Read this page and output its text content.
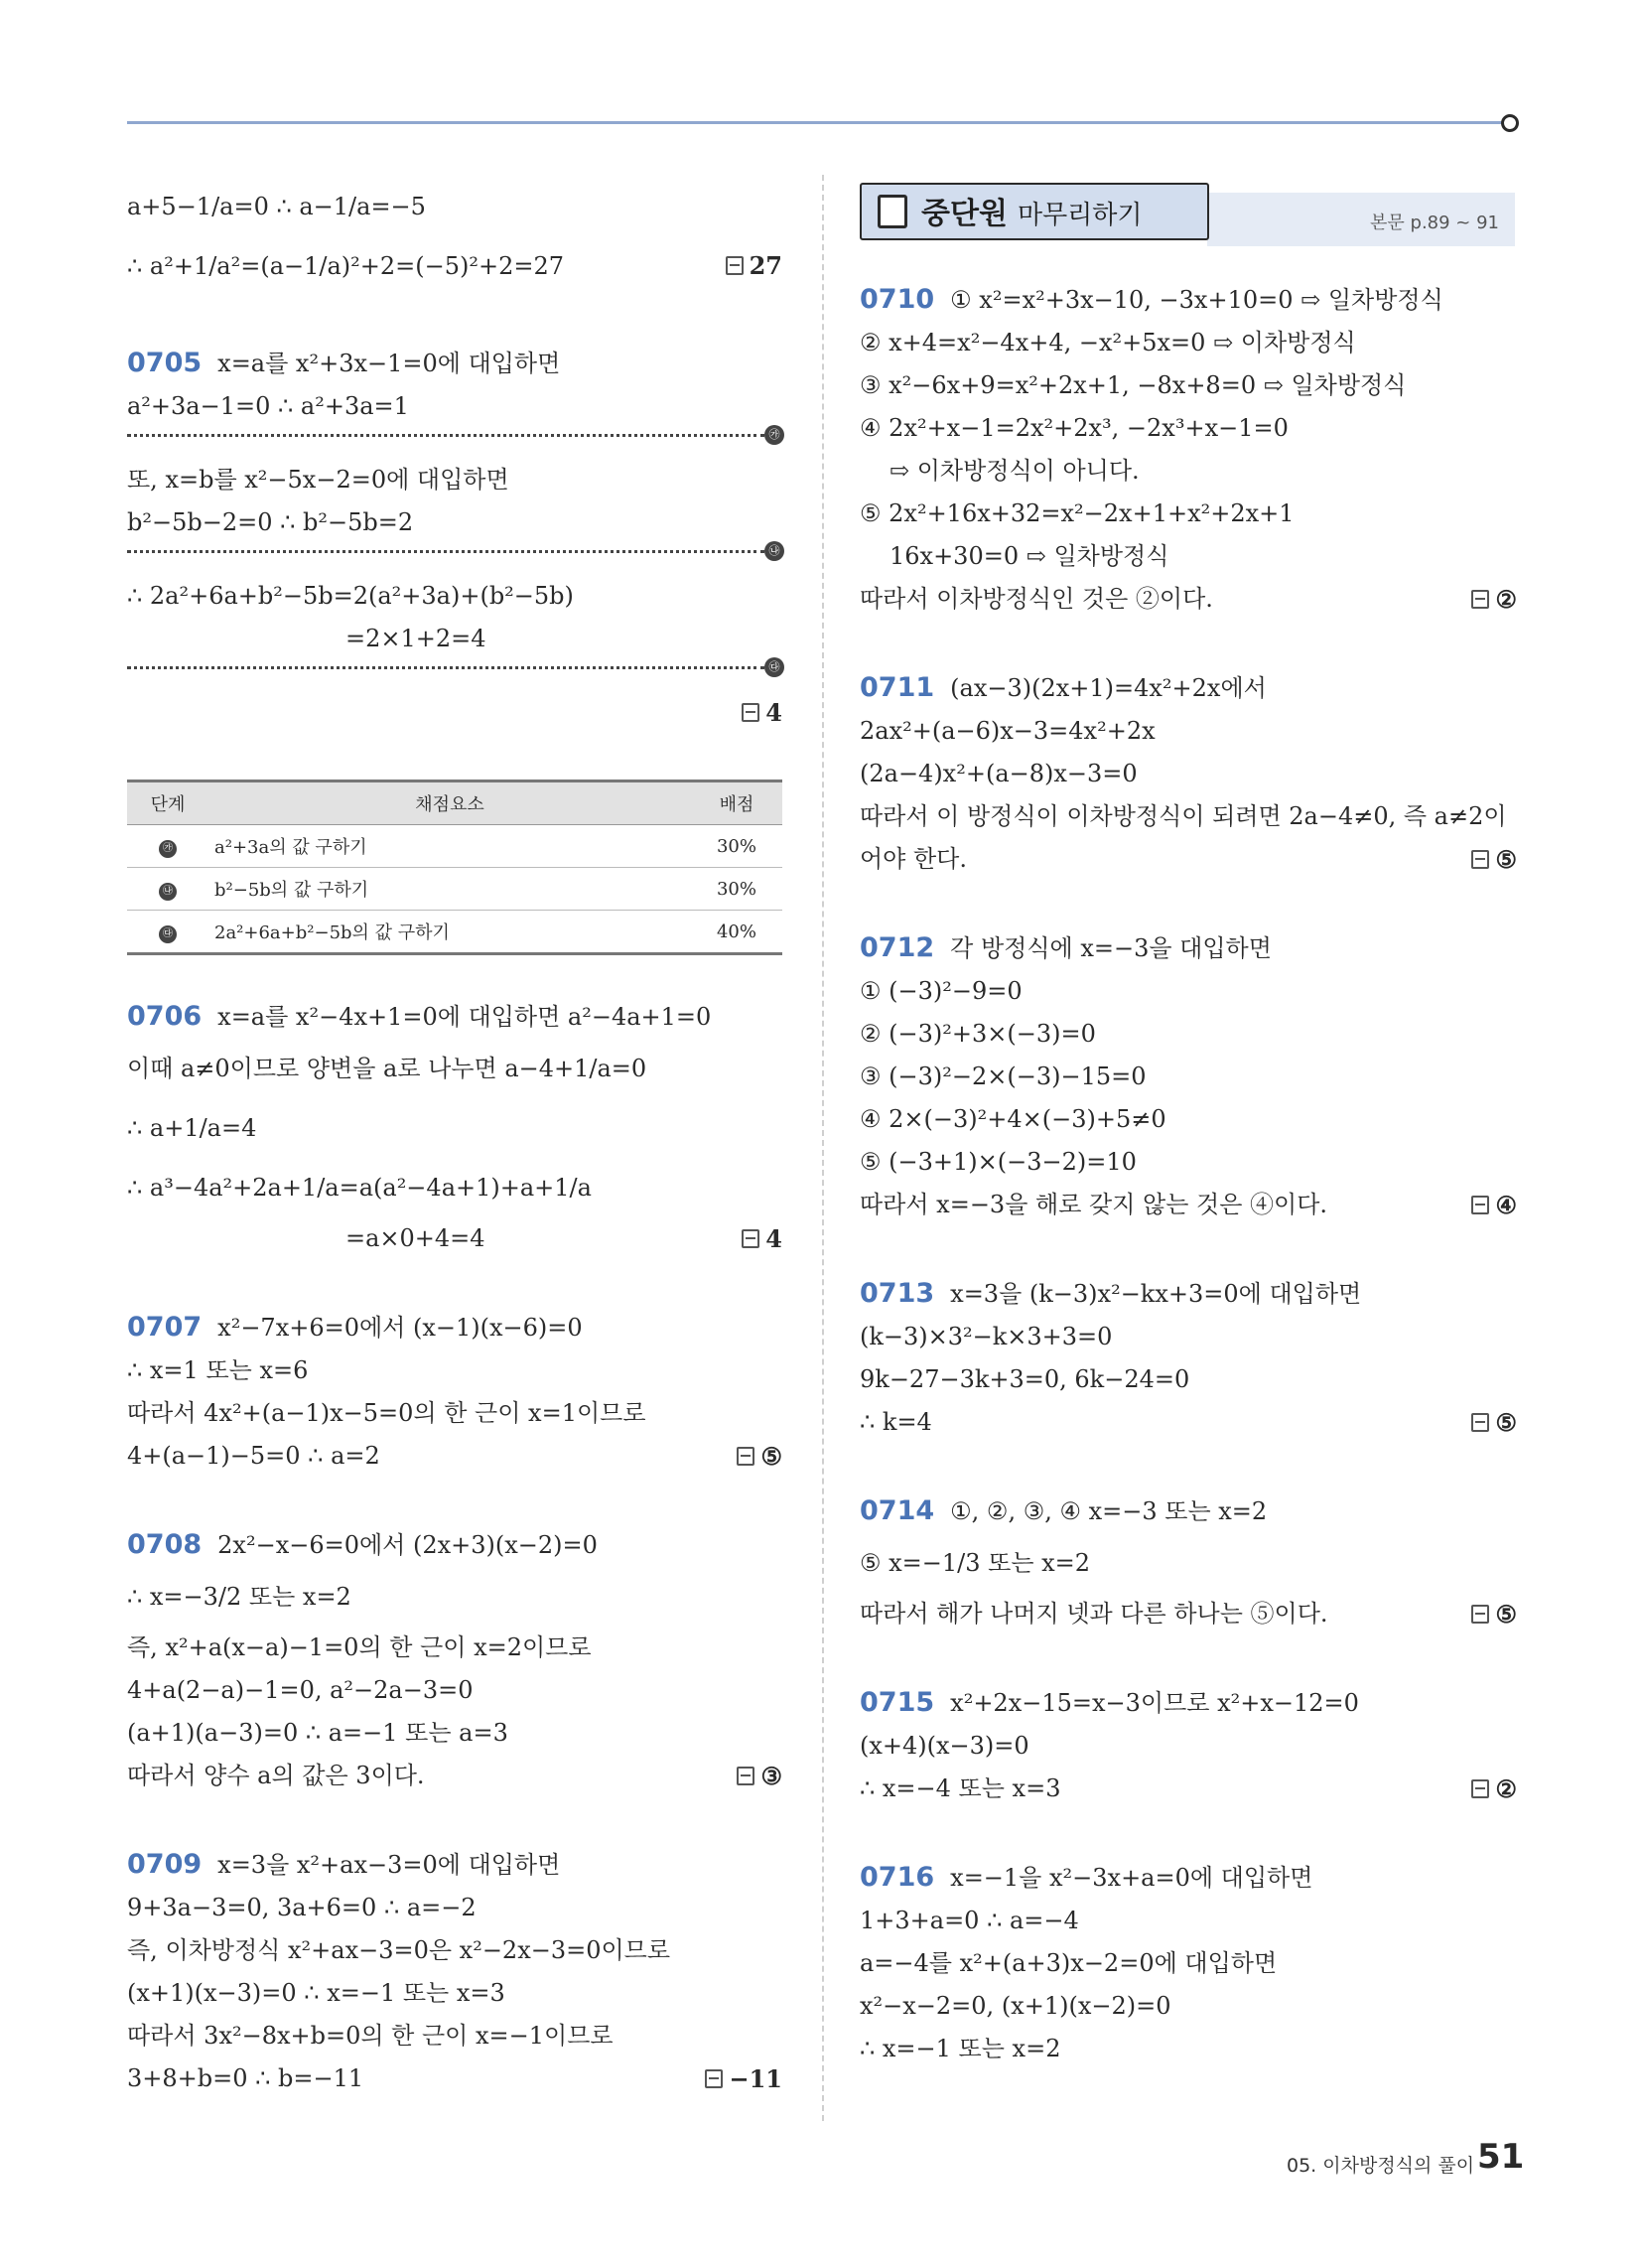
a+5−1/a=0 ∴ a−1/a=−5
∴ a²+1/a²=(a−1/a)²+2=(−5)²+2=27	27
0705 x=a를 x²+3x−1=0에 대입하면
a²+3a−1=0 ∴ a²+3a=1
㉮
또, x=b를 x²−5x−2=0에 대입하면
b²−5b−2=0 ∴ b²−5b=2
㉯
∴ 2a²+6a+b²−5b=2(a²+3a)+(b²−5b)
=2×1+2=4
㉰

4
단계	채점요소	배점
㉮	a²+3a의 값 구하기	30%
㉯	b²−5b의 값 구하기	30%
㉰	2a²+6a+b²−5b의 값 구하기	40%
0706 x=a를 x²−4x+1=0에 대입하면 a²−4a+1=0
이때 a≠0이므로 양변을 a로 나누면 a−4+1/a=0
∴ a+1/a=4
∴ a³−4a²+2a+1/a=a(a²−4a+1)+a+1/a
=a×0+4=4	4
0707 x²−7x+6=0에서 (x−1)(x−6)=0
∴ x=1 또는 x=6
따라서 4x²+(a−1)x−5=0의 한 근이 x=1이므로
4+(a−1)−5=0 ∴ a=2	⑤
0708 2x²−x−6=0에서 (2x+3)(x−2)=0
∴ x=−3/2 또는 x=2
즉, x²+a(x−a)−1=0의 한 근이 x=2이므로
4+a(2−a)−1=0, a²−2a−3=0
(a+1)(a−3)=0 ∴ a=−1 또는 a=3
따라서 양수 a의 값은 3이다.	③
0709 x=3을 x²+ax−3=0에 대입하면
9+3a−3=0, 3a+6=0 ∴ a=−2
즉, 이차방정식 x²+ax−3=0은 x²−2x−3=0이므로
(x+1)(x−3)=0 ∴ x=−1 또는 x=3
따라서 3x²−8x+b=0의 한 근이 x=−1이므로
3+8+b=0 ∴ b=−11	−11
중단원 마무리하기	본문 p.89 ~ 91
0710 ① x²=x²+3x−10, −3x+10=0 ⇨ 일차방정식
② x+4=x²−4x+4, −x²+5x=0 ⇨ 이차방정식
③ x²−6x+9=x²+2x+1, −8x+8=0 ⇨ 일차방정식
④ 2x²+x−1=2x²+2x³, −2x³+x−1=0
⇨ 이차방정식이 아니다.
⑤ 2x²+16x+32=x²−2x+1+x²+2x+1
16x+30=0 ⇨ 일차방정식
따라서 이차방정식인 것은 ②이다.	②
0711 (ax−3)(2x+1)=4x²+2x에서
2ax²+(a−6)x−3=4x²+2x
(2a−4)x²+(a−8)x−3=0
따라서 이 방정식이 이차방정식이 되려면 2a−4≠0, 즉 a≠2이
어야 한다.	⑤
0712 각 방정식에 x=−3을 대입하면
① (−3)²−9=0
② (−3)²+3×(−3)=0
③ (−3)²−2×(−3)−15=0
④ 2×(−3)²+4×(−3)+5≠0
⑤ (−3+1)×(−3−2)=10
따라서 x=−3을 해로 갖지 않는 것은 ④이다.	④
0713 x=3을 (k−3)x²−kx+3=0에 대입하면
(k−3)×3²−k×3+3=0
9k−27−3k+3=0, 6k−24=0
∴ k=4	⑤
0714 ①, ②, ③, ④ x=−3 또는 x=2
⑤ x=−1/3 또는 x=2
따라서 해가 나머지 넷과 다른 하나는 ⑤이다.	⑤
0715 x²+2x−15=x−3이므로 x²+x−12=0
(x+4)(x−3)=0
∴ x=−4 또는 x=3	②
0716 x=−1을 x²−3x+a=0에 대입하면
1+3+a=0 ∴ a=−4
a=−4를 x²+(a+3)x−2=0에 대입하면
x²−x−2=0, (x+1)(x−2)=0
∴ x=−1 또는 x=2
05. 이차방정식의 풀이 51
